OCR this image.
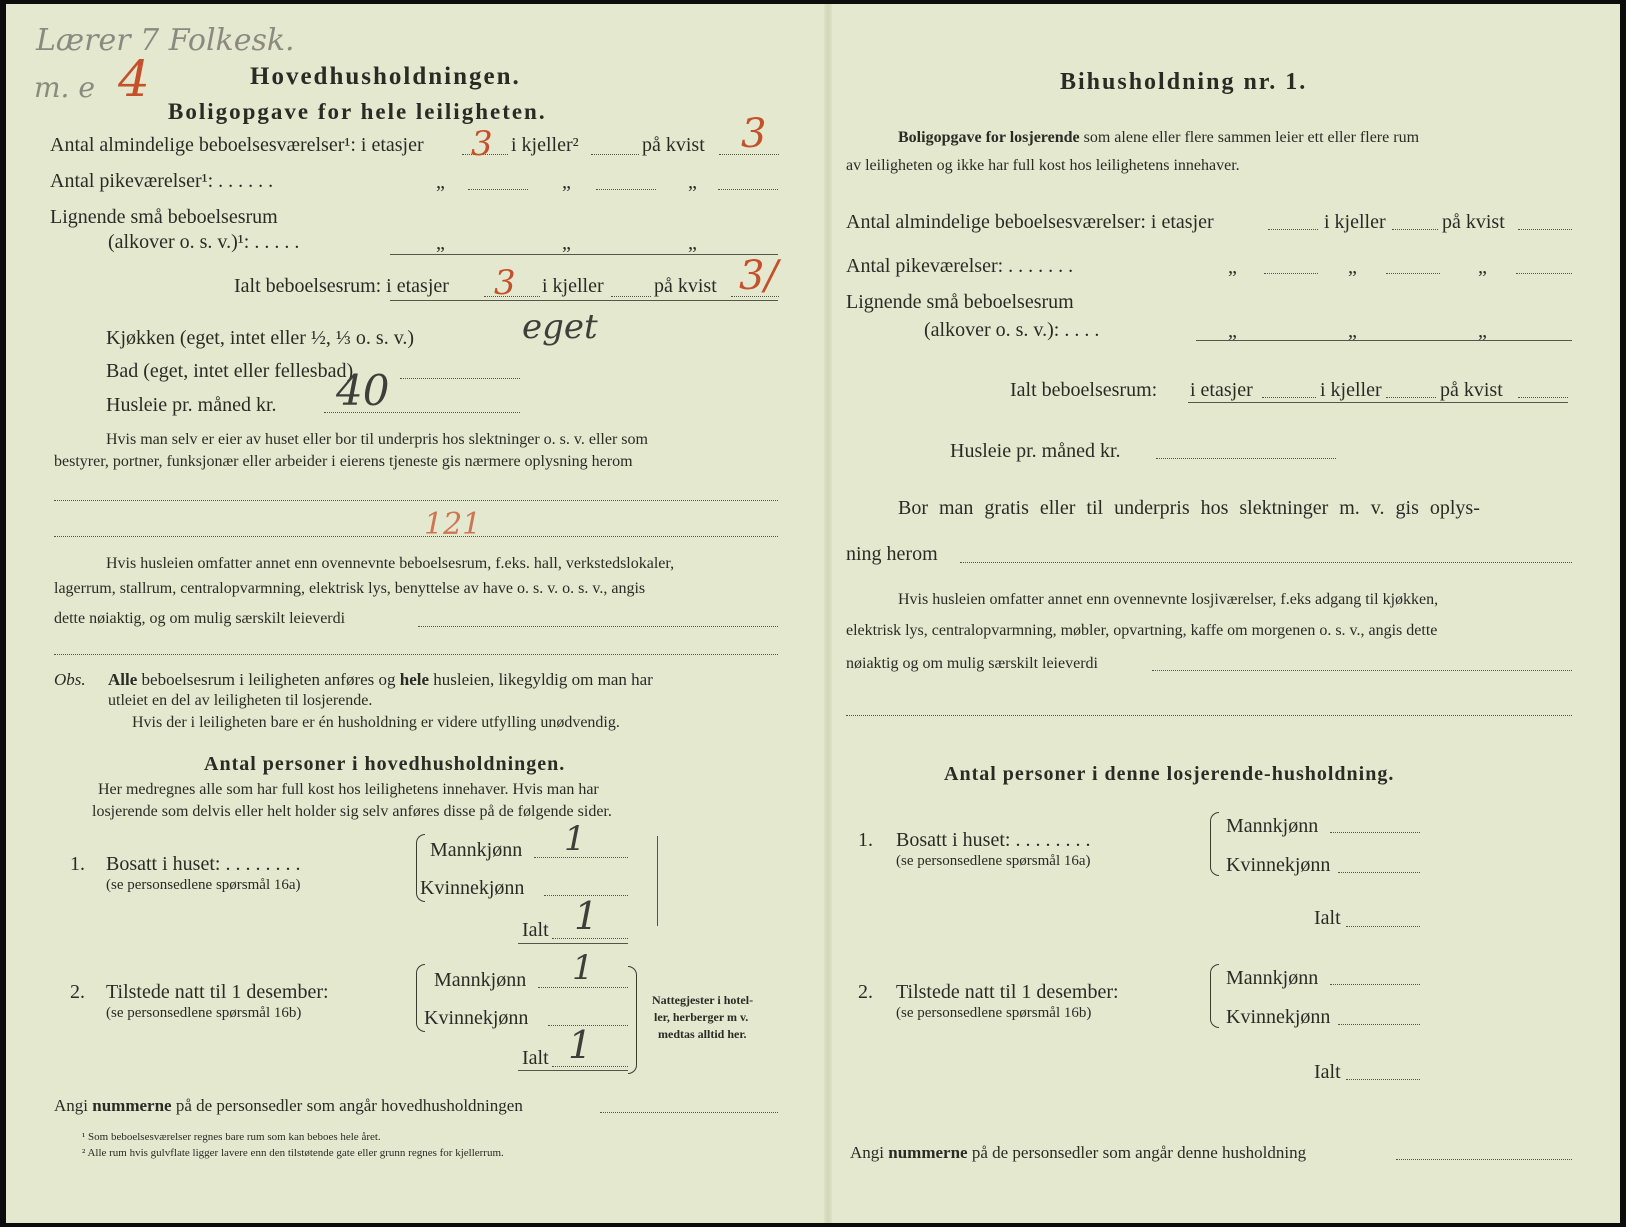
Lærer 7 Folkesk.
m. e 4	Hovedhusholdningen.
Boligopgave for hele leiligheten.
Antal almindelige beboelsesværelser¹: i etasjer 3 i kjeller²	på kvist 3
Antal pikeværelser¹: . . . . . .	„	„	„
Lignende små beboelsesrum
(alkover o. s. v.)¹: . . . . .	„	„	„
Ialt beboelsesrum: i etasjer 3 i kjeller	på kvist 3/
Kjøkken (eget, intet eller ½, ⅓ o. s. v.)	eget
Bad (eget, intet eller fellesbad)
Husleie pr. måned kr. 40
Hvis man selv er eier av huset eller bor til underpris hos slektninger o. s. v. eller som
bestyrer, portner, funksjonær eller arbeider i eierens tjeneste gis nærmere oplysning herom
121
Hvis husleien omfatter annet enn ovennevnte beboelsesrum, f.eks. hall, verkstedslokaler,
lagerrum, stallrum, centralopvarmning, elektrisk lys, benyttelse av have o. s. v. o. s. v., angis
dette nøiaktig, og om mulig særskilt leieverdi
Obs. Alle beboelsesrum i leiligheten anføres og hele husleien, likegyldig om man har
utleiet en del av leiligheten til losjerende.
Hvis der i leiligheten bare er én husholdning er videre utfylling unødvendig.
Antal personer i hovedhusholdningen.
Her medregnes alle som har full kost hos leilighetens innehaver. Hvis man har
losjerende som delvis eller helt holder sig selv anføres disse på de følgende sider.
1. Bosatt i huset: . . . . . . . .
(se personsedlene spørsmål 16a)
Mannkjønn 1
Kvinnekjønn
Ialt 1
2. Tilstede natt til 1 desember:
(se personsedlene spørsmål 16b)
Mannkjønn 1
Kvinnekjønn
Ialt 1
Nattegjester i hotel-
ler, herberger m v.
medtas alltid her.
Angi nummerne på de personsedler som angår hovedhusholdningen
¹ Som beboelsesværelser regnes bare rum som kan beboes hele året.
² Alle rum hvis gulvflate ligger lavere enn den tilstøtende gate eller grunn regnes for kjellerrum.
Bihusholdning nr. 1.
Boligopgave for losjerende som alene eller flere sammen leier ett eller flere rum
av leiligheten og ikke har full kost hos leilighetens innehaver.
Antal almindelige beboelsesværelser: i etasjer	i kjeller	på kvist
Antal pikeværelser: . . . . . . .	„	„	„
Lignende små beboelsesrum
(alkover o. s. v.): . . . .	„	„	„
Ialt beboelsesrum: i etasjer	i kjeller	på kvist
Husleie pr. måned kr.
Bor man gratis eller til underpris hos slektninger m. v. gis oplys-
ning herom
Hvis husleien omfatter annet enn ovennevnte losjiværelser, f.eks adgang til kjøkken,
elektrisk lys, centralopvarmning, møbler, opvartning, kaffe om morgenen o. s. v., angis dette
nøiaktig og om mulig særskilt leieverdi
Antal personer i denne losjerende-husholdning.
1. Bosatt i huset: . . . . . . . .
(se personsedlene spørsmål 16a)
Mannkjønn
Kvinnekjønn
Ialt
2. Tilstede natt til 1 desember:
(se personsedlene spørsmål 16b)
Mannkjønn
Kvinnekjønn
Ialt
Angi nummerne på de personsedler som angår denne husholdning
